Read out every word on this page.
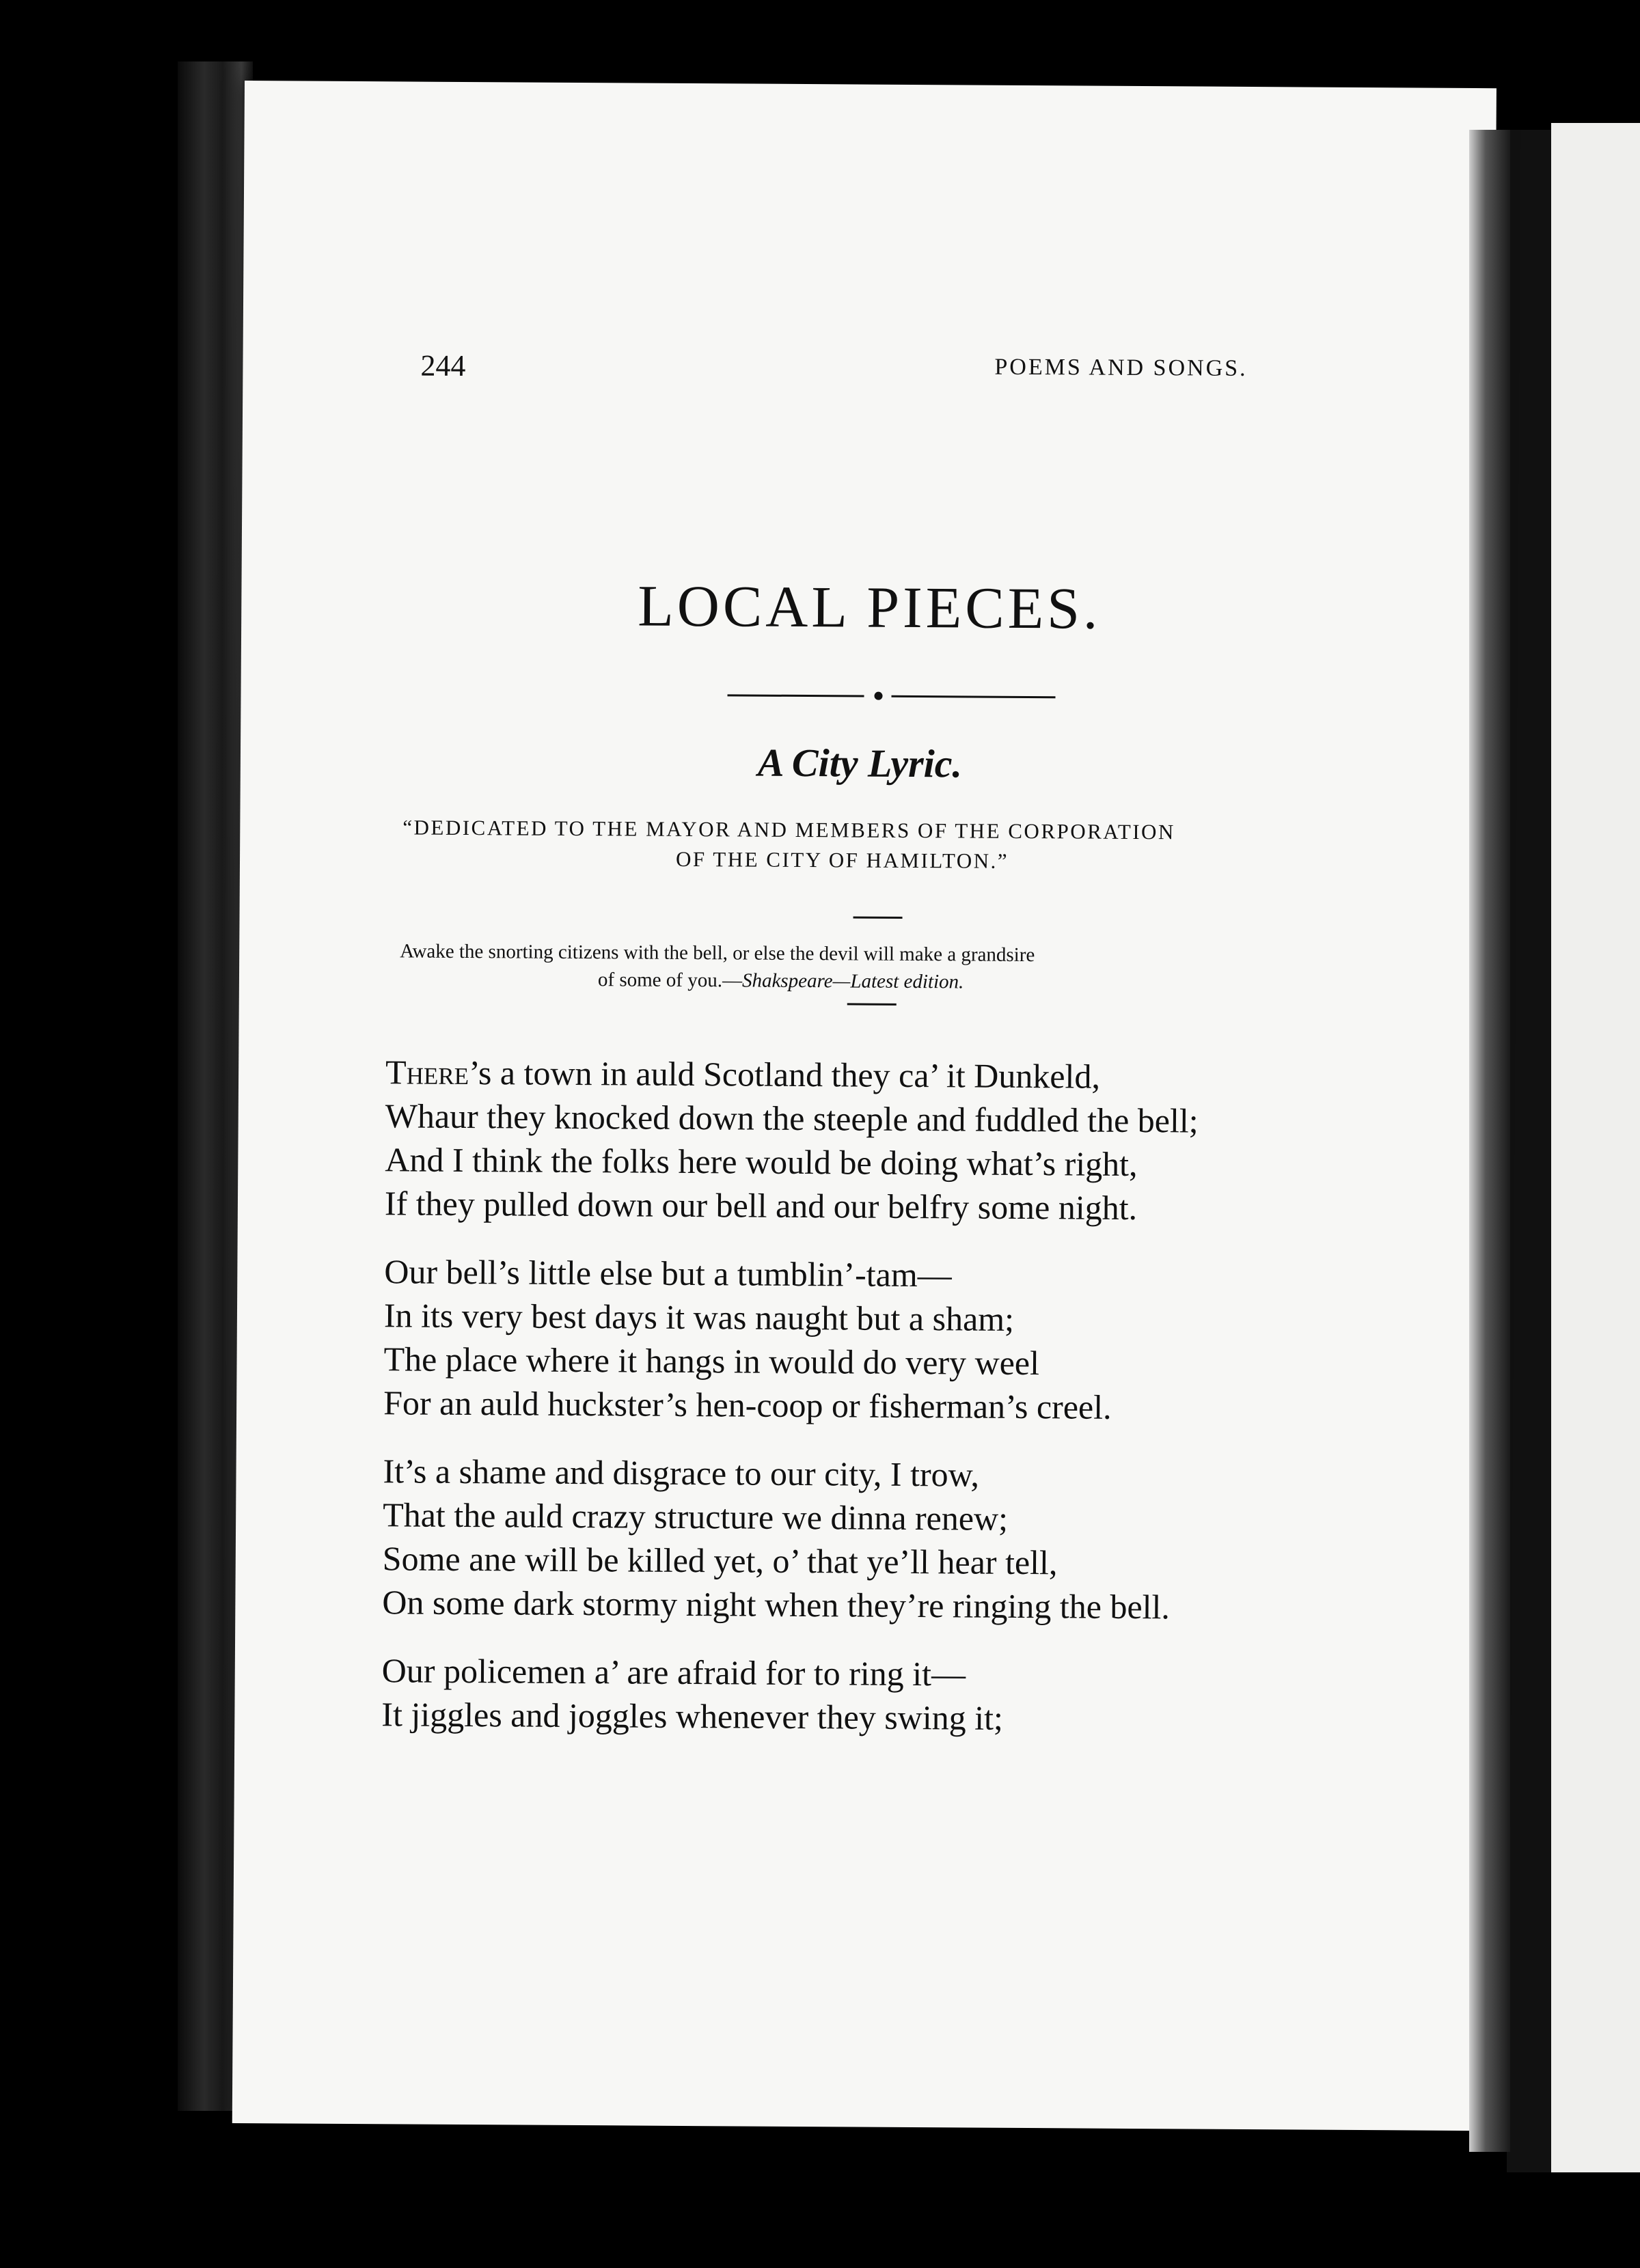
244	POEMS AND SONGS.
LOCAL PIECES.
A City Lyric.
“DEDICATED TO THE MAYOR AND MEMBERS OF THE CORPORATION
OF THE CITY OF HAMILTON.”
Awake the snorting citizens with the bell, or else the devil will make a grandsire
of some of you.—Shakspeare—Latest edition.
There’s a town in auld Scotland they ca’ it Dunkeld,
Whaur they knocked down the steeple and fuddled the bell;
And I think the folks here would be doing what’s right,
If they pulled down our bell and our belfry some night.
Our bell’s little else but a tumblin’-tam—
In its very best days it was naught but a sham;
The place where it hangs in would do very weel
For an auld huckster’s hen-coop or fisherman’s creel.
It’s a shame and disgrace to our city, I trow,
That the auld crazy structure we dinna renew;
Some ane will be killed yet, o’ that ye’ll hear tell,
On some dark stormy night when they’re ringing the bell.
Our policemen a’ are afraid for to ring it—
It jiggles and joggles whenever they swing it;
